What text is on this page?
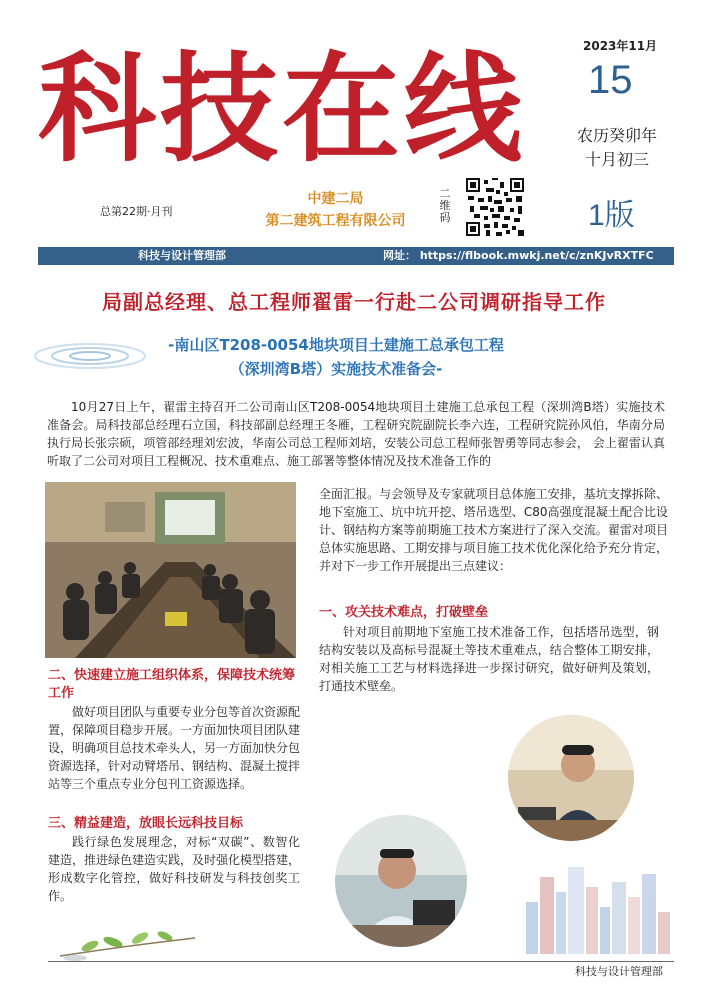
科技在线	2023年11月
15
农历癸卯年
十月初三
1版
总第22期·月刊
中建二局
第二建筑工程有限公司
二维码
科技与设计管理部	网址： https://flbook.mwkj.net/c/znKJvRXTFC
局副总经理、总工程师翟雷一行赴二公司调研指导工作
-南山区T208-0054地块项目土建施工总承包工程
（深圳湾B塔）实施技术准备会-

10月27日上午，翟雷主持召开二公司南山区T208-0054地块项目土建施工总承包工程（深圳湾B塔）实施技术准备会。局科技部总经理石立国，科技部副总经理王冬雁，工程研究院副院长李六连，工程研究院孙风伯，华南分局执行局长张宗硕，项管部经理刘宏波，华南公司总工程师刘培，安装公司总工程师张智勇等同志参会， 会上翟雷认真听取了二公司对项目工程概况、技术重难点、施工部署等整体情况及技术准备工作的

全面汇报。与会领导及专家就项目总体施工安排，基坑支撑拆除、地下室施工、坑中坑开挖、塔吊选型、C80高强度混凝土配合比设计、钢结构方案等前期施工技术方案进行了深入交流。翟雷对项目总体实施思路、工期安排与项目施工技术优化深化给予充分肯定，并对下一步工作开展提出三点建议：

一、攻关技术难点，打破壁垒

针对项目前期地下室施工技术准备工作，包括塔吊选型，钢结构安装以及高标号混凝土等技术重难点，结合整体工期安排，对相关施工工艺与材料选择进一步探讨研究，做好研判及策划，打通技术壁垒。

二、快速建立施工组织体系，保障技术统筹工作

做好项目团队与重要专业分包等首次资源配置，保障项目稳步开展。一方面加快项目团队建设，明确项目总技术牵头人，另一方面加快分包资源选择，针对动臂塔吊、钢结构、混凝土搅拌站等三个重点专业分包刊工资源选择。

三、精益建造，放眼长远科技目标

践行绿色发展理念，对标“双碳”、数智化建造，推进绿色建造实践，及时强化模型搭建，形成数字化管控，做好科技研发与科技创奖工作。

科技与设计管理部
